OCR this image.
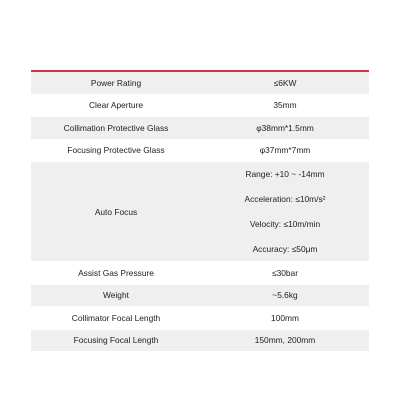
Power Rating	≤6KW
Clear Aperture	35mm
Collimation Protective Glass	φ38mm*1.5mm
Focusing Protective Glass	φ37mm*7mm
Auto Focus
Range: +10 ~ -14mm
Acceleration: ≤10m/s²
Velocity: ≤10m/min
Accuracy: ≤50μm
Assist Gas Pressure	≤30bar
Weight	~5.6kg
Collimator Focal Length	100mm
Focusing Focal Length	150mm, 200mm
